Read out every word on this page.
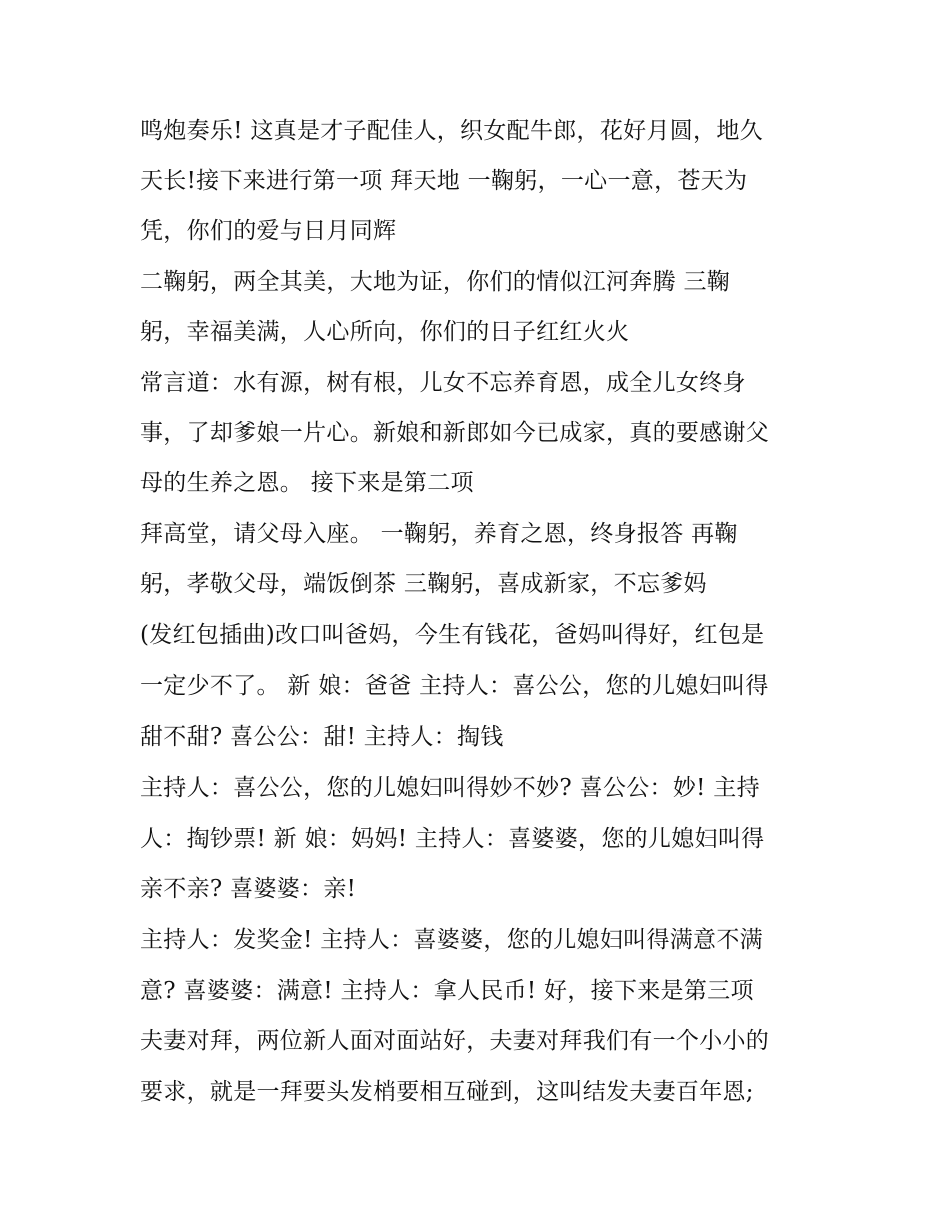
鸣炮奏乐! 这真是才子配佳人，织女配牛郎，花好月圆，地久
天长!接下来进行第一项 拜天地 一鞠躬，一心一意，苍天为
凭，你们的爱与日月同辉
二鞠躬，两全其美，大地为证，你们的情似江河奔腾 三鞠
躬，幸福美满，人心所向，你们的日子红红火火
常言道：水有源，树有根，儿女不忘养育恩，成全儿女终身
事，了却爹娘一片心。新娘和新郎如今已成家，真的要感谢父
母的生养之恩。 接下来是第二项
拜高堂，请父母入座。 一鞠躬，养育之恩，终身报答 再鞠
躬，孝敬父母，端饭倒茶 三鞠躬，喜成新家，不忘爹妈
(发红包插曲)改口叫爸妈，今生有钱花，爸妈叫得好，红包是
一定少不了。 新 娘：爸爸 主持人：喜公公，您的儿媳妇叫得
甜不甜? 喜公公：甜! 主持人：掏钱
主持人：喜公公，您的儿媳妇叫得妙不妙? 喜公公：妙! 主持
人：掏钞票! 新 娘：妈妈! 主持人：喜婆婆，您的儿媳妇叫得
亲不亲? 喜婆婆：亲!
主持人：发奖金! 主持人：喜婆婆，您的儿媳妇叫得满意不满
意? 喜婆婆：满意! 主持人：拿人民币! 好，接下来是第三项
夫妻对拜，两位新人面对面站好，夫妻对拜我们有一个小小的
要求，就是一拜要头发梢要相互碰到，这叫结发夫妻百年恩;
